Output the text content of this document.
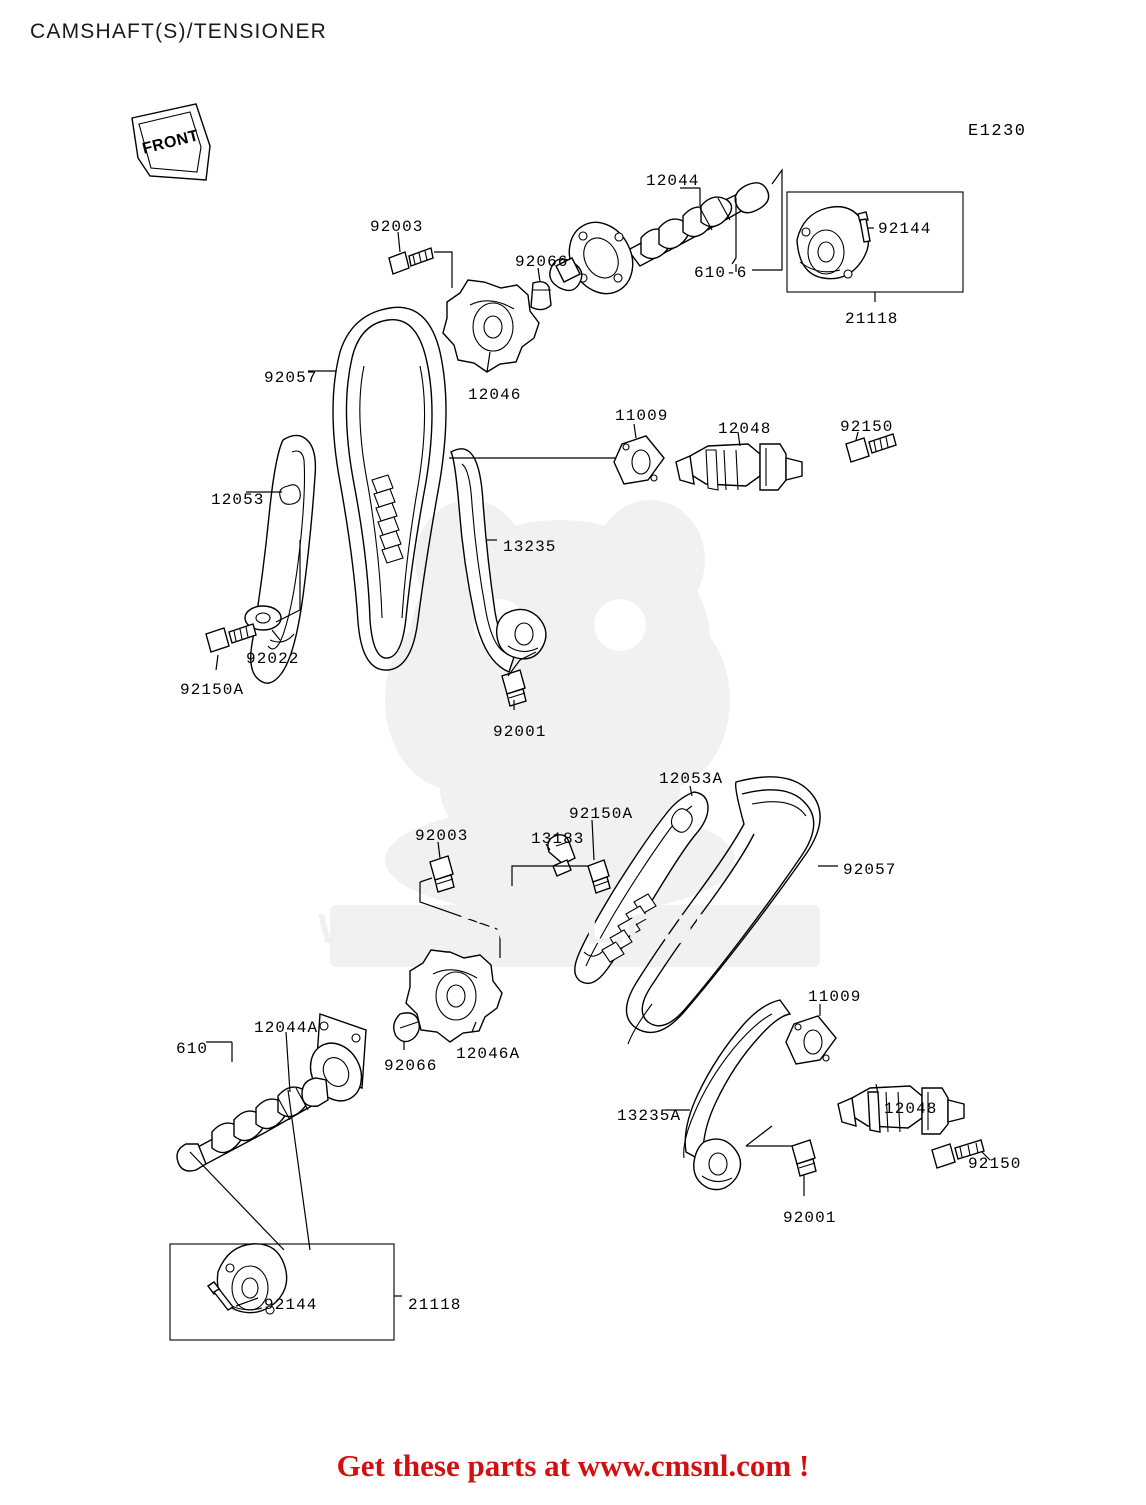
CAMSHAFT(S)/TENSIONER
E1230
WWW.CMSNL.COM
FRONT
12044
92144
92003
92066
610-6
21118
92057
12046
11009
12048	92150
12053
13235
92022
92150A
92001
12053A
92150A
92003	13183
92057
11009
12046A
12044A
610
92066
12048
13235A
92150
92001
92144	21118
Get these parts at www.cmsnl.com !
